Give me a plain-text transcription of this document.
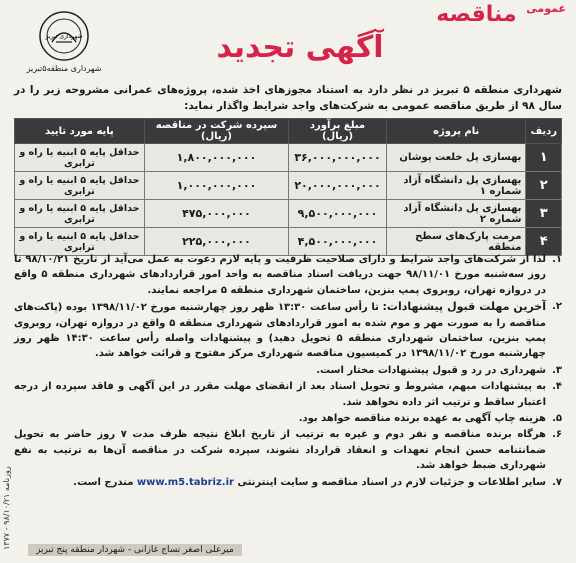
$^{عمومی}$ مناقصه
آگهی تجدید
شهرداری تبریز
شهرداری منطقه۵تبریز
شهرداری منطقه ۵ تبریز در نظر دارد به استناد مجوزهای اخذ شده، پروژه‌های عمرانی مشروحه زیر را در سال ۹۸ از طریق مناقصه عمومی به شرکت‌های واجد شرایط واگذار نماید:
ردیف	نام پروژه	مبلغ برآورد (ریال)	سپرده شرکت در مناقصه (ریال)	پایه مورد تایید
۱	بهسازی پل خلعت پوشان	۳۶,۰۰۰,۰۰۰,۰۰۰	۱,۸۰۰,۰۰۰,۰۰۰	حداقل پایه ۵ ابنیه یا راه و ترابری
۲	بهسازی پل دانشگاه آزاد شماره ۱	۲۰,۰۰۰,۰۰۰,۰۰۰	۱,۰۰۰,۰۰۰,۰۰۰	حداقل پایه ۵ ابنیه یا راه و ترابری
۳	بهسازی پل دانشگاه آزاد شماره ۲	۹,۵۰۰,۰۰۰,۰۰۰	۴۷۵,۰۰۰,۰۰۰	حداقل پایه ۵ ابنیه یا راه و ترابری
۴	مرمت پارک‌های سطح منطقه	۴,۵۰۰,۰۰۰,۰۰۰	۲۲۵,۰۰۰,۰۰۰	حداقل پایه ۵ ابنیه یا راه و ترابری
۱.
لذا از شرکت‌های واجد شرایط و دارای صلاحیت ظرفیت و پایه لازم دعوت به عمل می‌آید از تاریخ ۹۸/۱۰/۲۱ تا روز سه‌شنبه مورخ ۹۸/۱۱/۰۱ جهت دریافت اسناد مناقصه به واحد امور قراردادهای شهرداری منطقه ۵ واقع در دروازه تهران، روبروی پمپ بنزین، ساختمان شهرداری منطقه ۵ مراجعه نمایند.
۲.
آخرین مهلت قبول پیشنهادات: تا رأس ساعت ۱۳:۳۰ ظهر روز چهارشنبه مورخ ۱۳۹۸/۱۱/۰۲ بوده (پاکت‌های مناقصه را به صورت مهر و موم شده به امور قراردادهای شهرداری منطقه ۵ واقع در دروازه تهران، روبروی پمپ بنزین، ساختمان شهرداری منطقه ۵ تحویل دهید) و پیشنهادات واصله رأس ساعت ۱۴:۳۰ ظهر روز چهارشنبه مورخ ۱۳۹۸/۱۱/۰۲ در کمیسیون مناقصه شهرداری مرکز مفتوح و قرائت خواهد شد.
۳.
شهرداری در رد و قبول پیشنهادات مختار است.
۴.
به پیشنهادات مبهم، مشروط و تحویل اسناد بعد از انقضای مهلت مقرر در این آگهی و فاقد سپرده از درجه اعتبار ساقط و ترتیب اثر داده نخواهد شد.
۵.
هزینه چاپ آگهی به عهده برنده مناقصه خواهد بود.
۶.
هرگاه برنده مناقصه و نفر دوم و غیره به ترتیب از تاریخ ابلاغ نتیجه ظرف مدت ۷ روز حاضر به تحویل ضمانتنامه حسن انجام تعهدات و انعقاد قرارداد نشوند، سپرده شرکت در مناقصه آن‌ها به ترتیب به نفع شهرداری ضبط خواهد شد.
۷.
سایر اطلاعات و جزئیات لازم در اسناد مناقصه و سایت اینترنتی www.m5.tabriz.ir مندرج است.
میرعلی اصغر نساج غازانی - شهردار منطقه پنج تبریز
روزنامه ۹۸/۱۰/۲۱ - ۱۳۷۷
